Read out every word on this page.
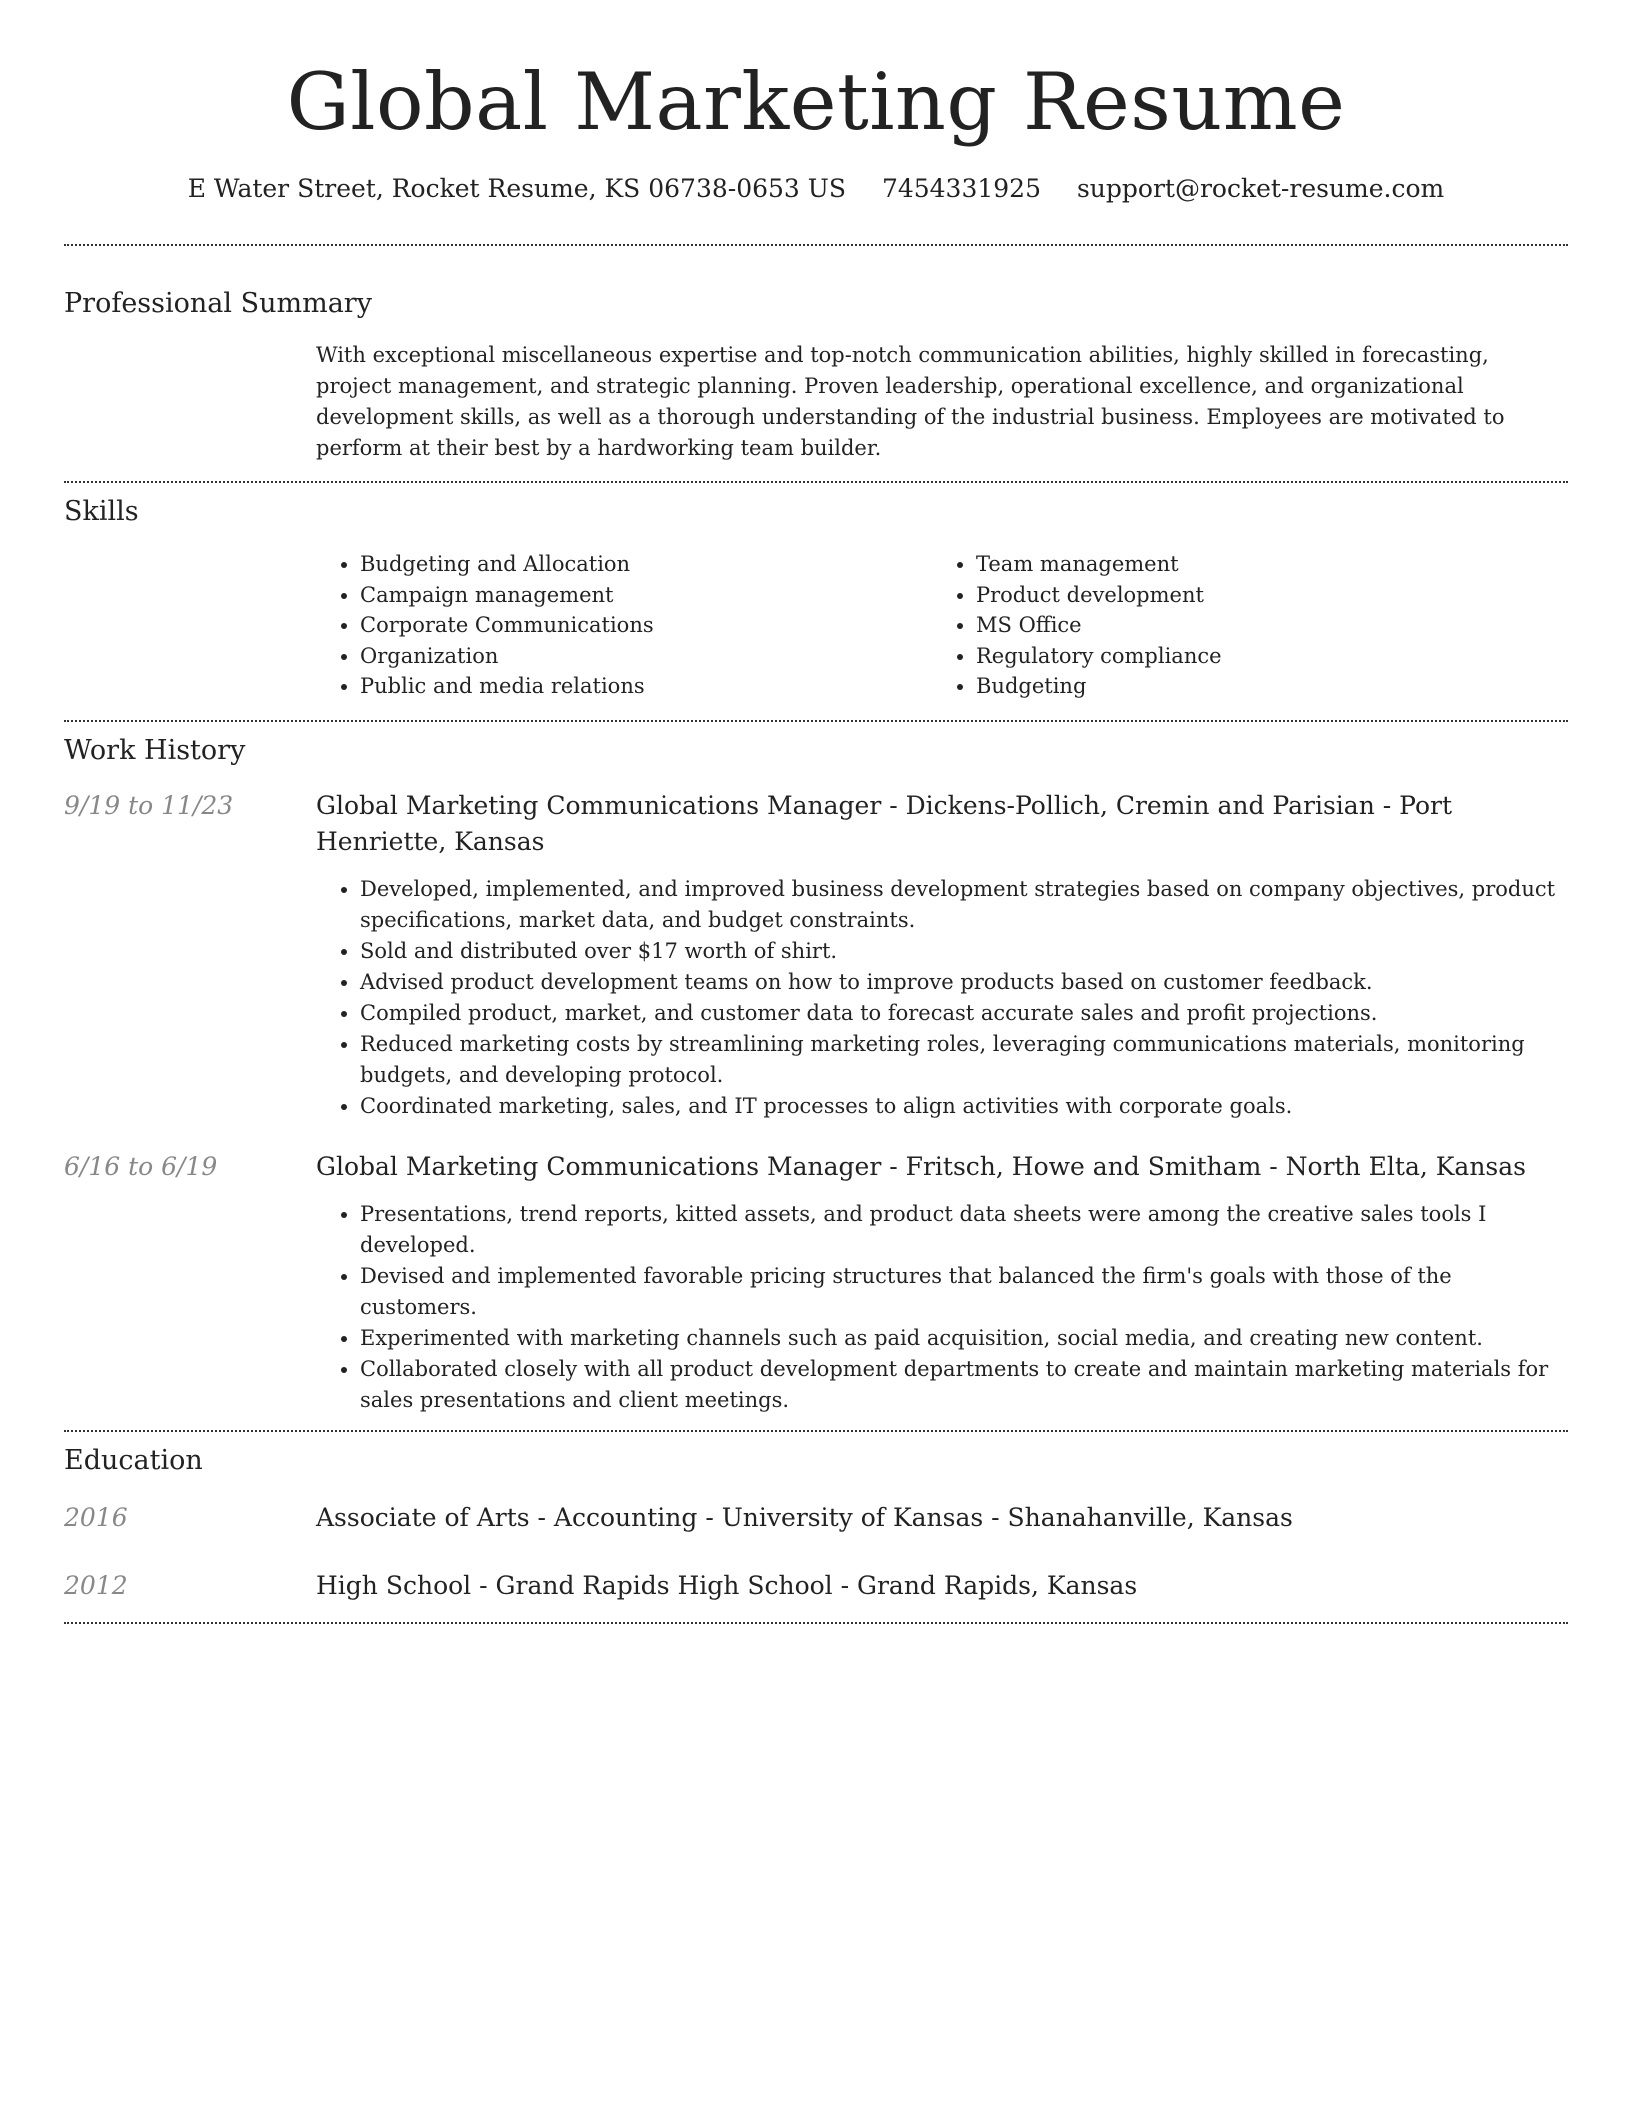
Global Marketing Resume
E Water Street, Rocket Resume, KS 06738-0653 US 7454331925 support@rocket-resume.com
Professional Summary

With exceptional miscellaneous expertise and top-notch communication abilities, highly skilled in forecasting, project management, and strategic planning. Proven leadership, operational excellence, and organizational development skills, as well as a thorough understanding of the industrial business. Employees are motivated to perform at their best by a hardworking team builder.

Skills
• Budgeting and Allocation
• Campaign management
• Corporate Communications
• Organization
• Public and media relations
• Team management
• Product development
• MS Office
• Regulatory compliance
• Budgeting
Work History
9/19 to 11/23	Global Marketing Communications Manager - Dickens-Pollich, Cremin and Parisian - Port Henriette, Kansas
• Developed, implemented, and improved business development strategies based on company objectives, product specifications, market data, and budget constraints.
• Sold and distributed over $17 worth of shirt.
• Advised product development teams on how to improve products based on customer feedback.
• Compiled product, market, and customer data to forecast accurate sales and profit projections.
• Reduced marketing costs by streamlining marketing roles, leveraging communications materials, monitoring budgets, and developing protocol.
• Coordinated marketing, sales, and IT processes to align activities with corporate goals.
6/16 to 6/19	Global Marketing Communications Manager - Fritsch, Howe and Smitham - North Elta, Kansas
• Presentations, trend reports, kitted assets, and product data sheets were among the creative sales tools I developed.
• Devised and implemented favorable pricing structures that balanced the firm's goals with those of the customers.
• Experimented with marketing channels such as paid acquisition, social media, and creating new content.
• Collaborated closely with all product development departments to create and maintain marketing materials for sales presentations and client meetings.
Education
2016	Associate of Arts - Accounting - University of Kansas - Shanahanville, Kansas
2012	High School - Grand Rapids High School - Grand Rapids, Kansas
